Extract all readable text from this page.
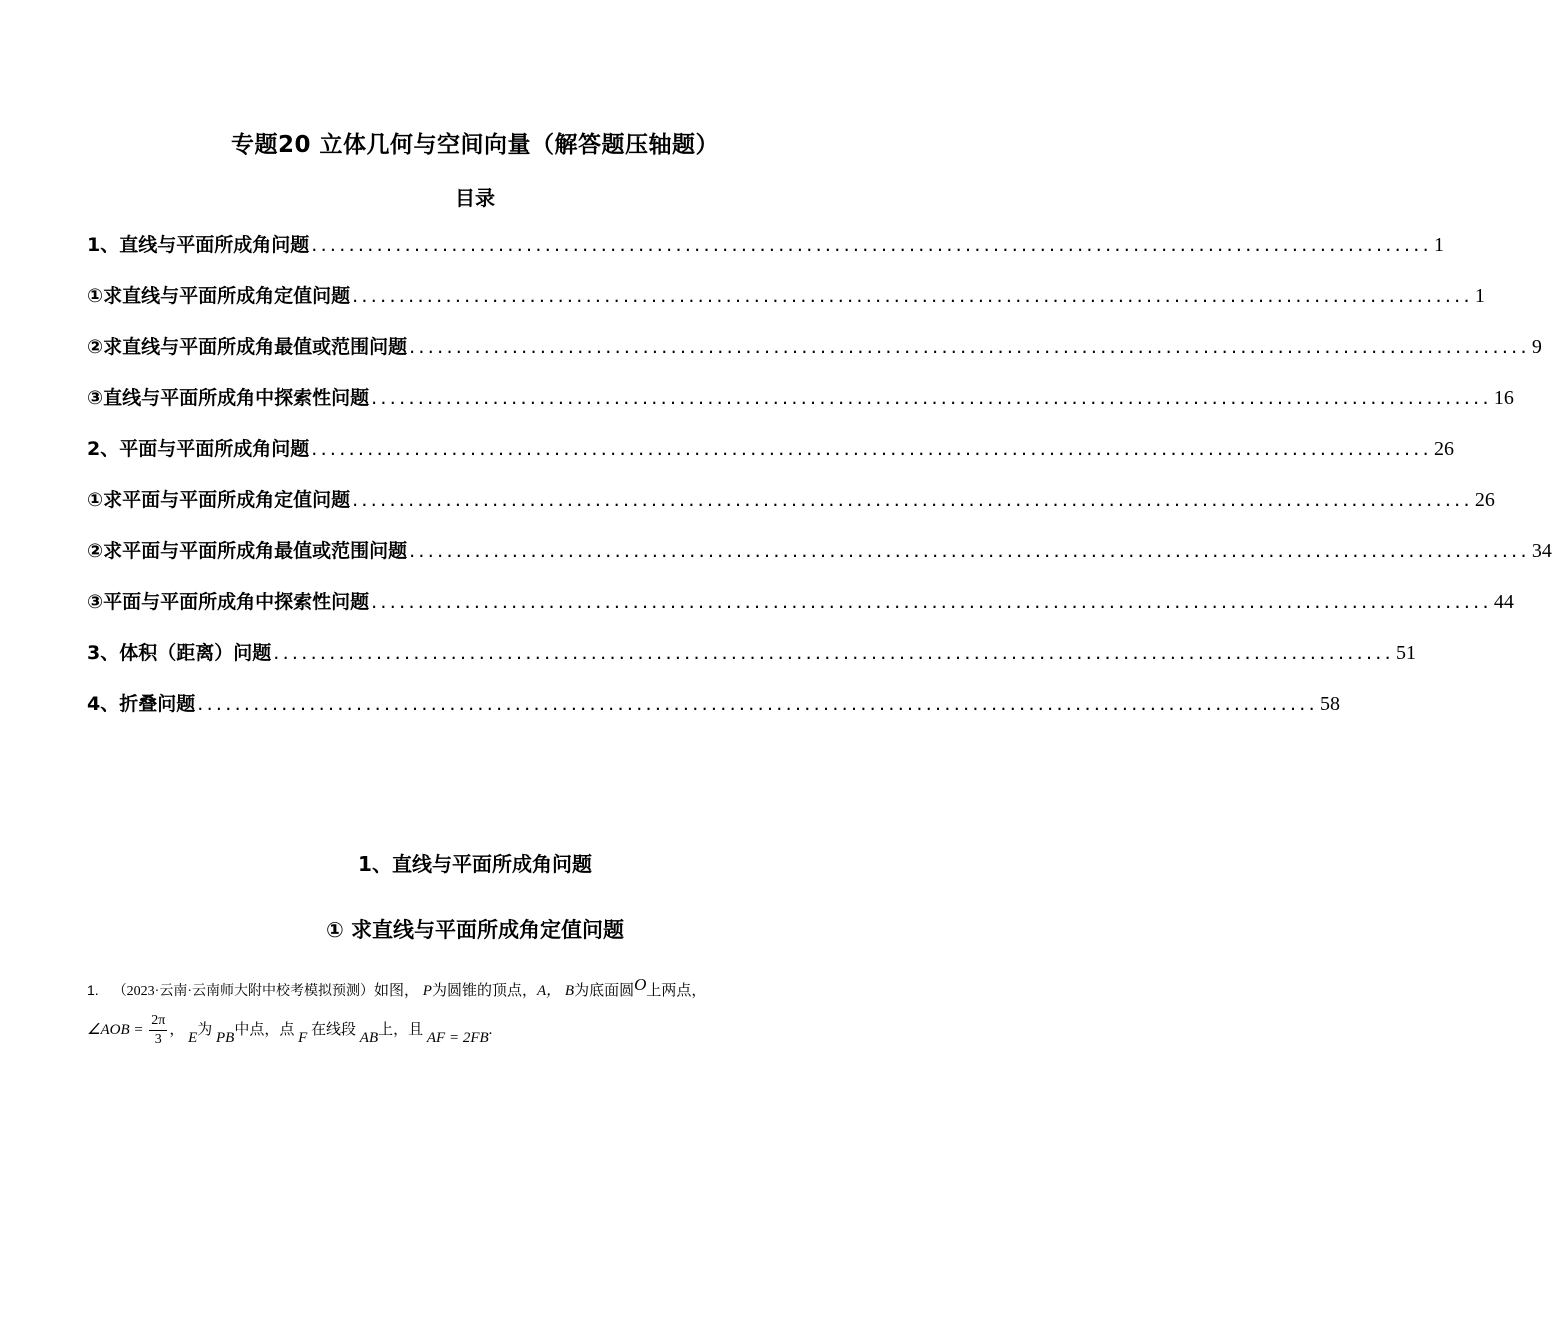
专题20 立体几何与空间向量（解答题压轴题）
目录
1、直线与平面所成角问题 ........................................................................................................................ 1
①求直线与平面所成角定值问题 ........................................................................................................................ 1
②求直线与平面所成角最值或范围问题 ........................................................................................................................ 9
③直线与平面所成角中探索性问题 ........................................................................................................................ 16
2、平面与平面所成角问题 ........................................................................................................................ 26
①求平面与平面所成角定值问题 ........................................................................................................................ 26
②求平面与平面所成角最值或范围问题 ........................................................................................................................ 34
③平面与平面所成角中探索性问题 ........................................................................................................................ 44
3、体积（距离）问题 ........................................................................................................................ 51
4、折叠问题 ........................................................................................................................ 58
1、直线与平面所成角问题
① 求直线与平面所成角定值问题
1. （2023·云南·云南师大附中校考模拟预测）如图， P为圆锥的顶点，A， B为底面圆O上两点，
∠AOB = $\frac{2\pi}{3}$ ， E为 PB中点，点 F 在线段 AB上，且 AF = 2FB.
